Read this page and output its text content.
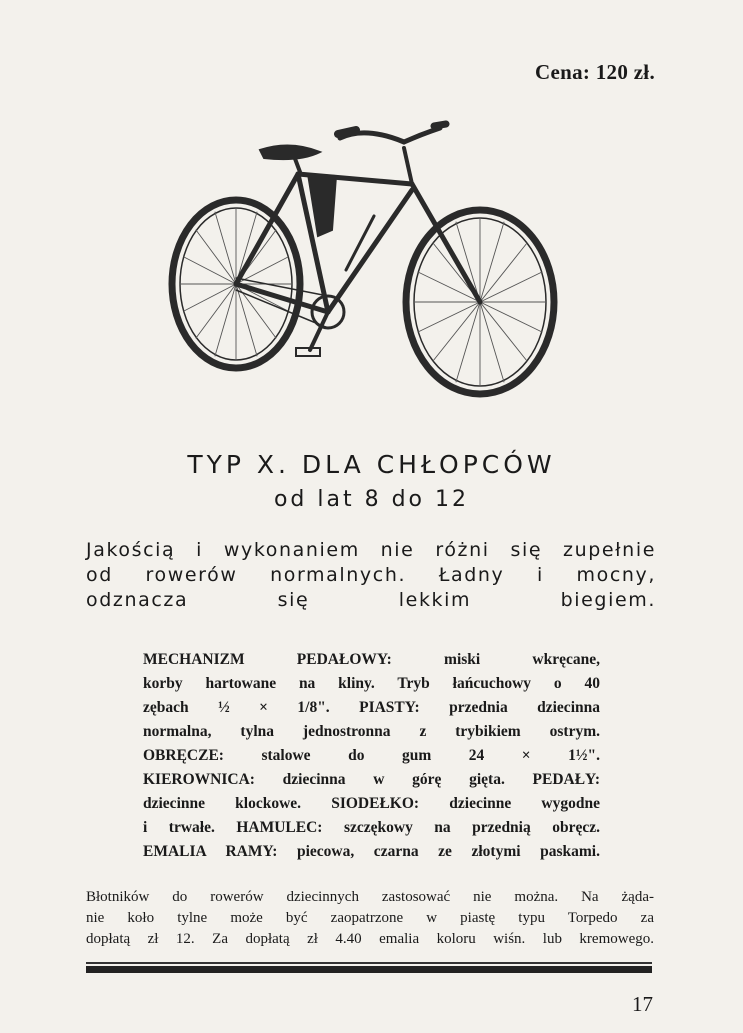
Cena: 120 zł.
TYP X. DLA CHŁOPCÓW
od lat 8 do 12
Jakością i wykonaniem nie różni się zupełnie
od rowerów normalnych. Ładny i mocny,
odznacza się lekkim biegiem.
MECHANIZM PEDAŁOWY: miski wkręcane,
korby hartowane na kliny. Tryb łańcuchowy o 40
zębach ½ × 1/8". PIASTY: przednia dziecinna
normalna, tylna jednostronna z trybikiem ostrym.
OBRĘCZE: stalowe do gum 24 × 1½".
KIEROWNICA: dziecinna w górę gięta. PEDAŁY:
dziecinne klockowe. SIODEŁKO: dziecinne wygodne
i trwałe. HAMULEC: szczękowy na przednią obręcz.
EMALIA RAMY: piecowa, czarna ze złotymi paskami.
Błotników do rowerów dziecinnych zastosować nie można. Na żąda-
nie koło tylne może być zaopatrzone w piastę typu Torpedo za
dopłatą zł 12. Za dopłatą zł 4.40 emalia koloru wiśn. lub kremowego.
17
